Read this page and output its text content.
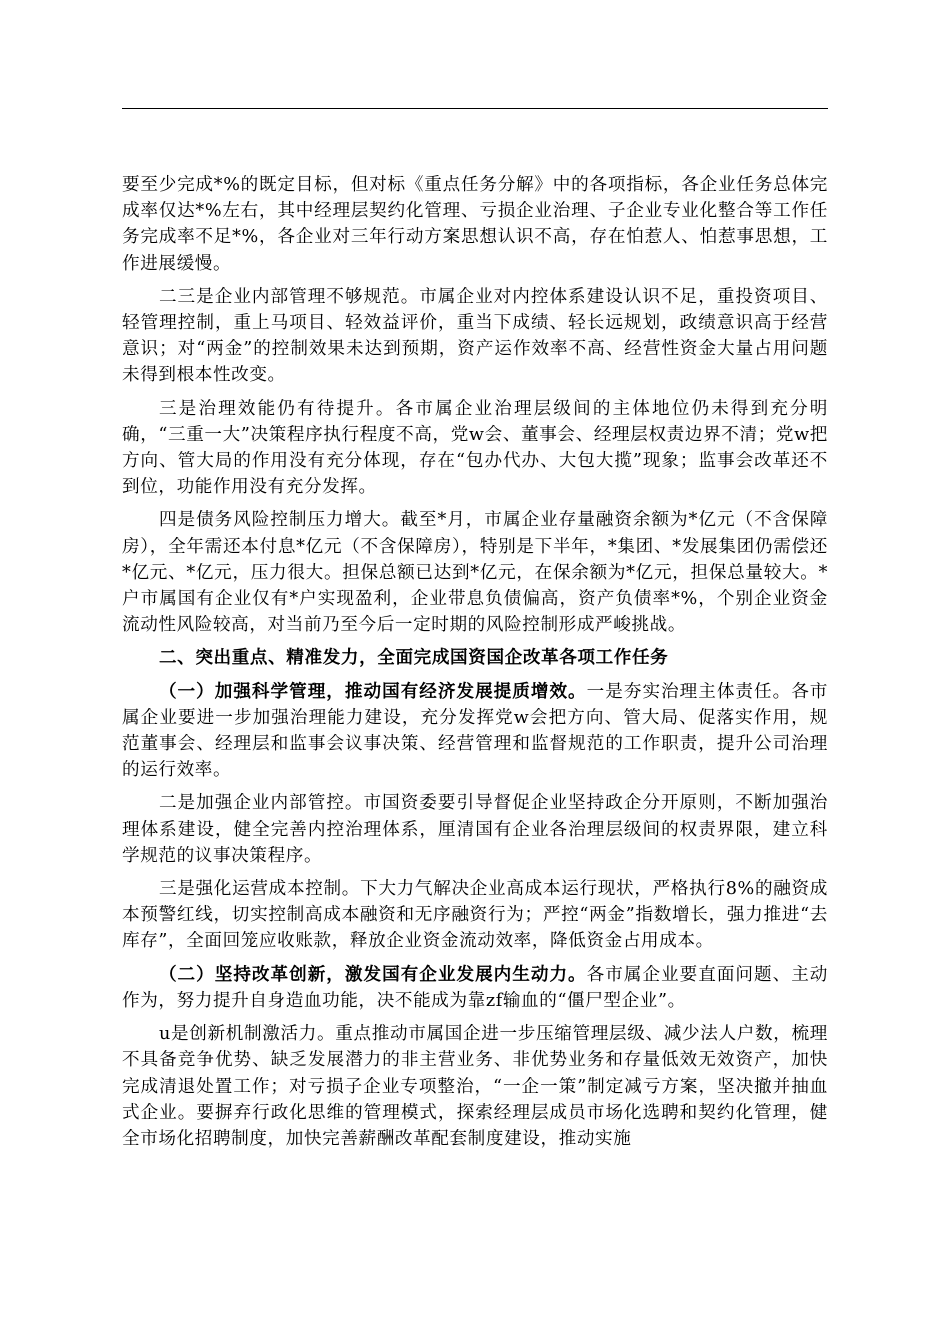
要至少完成*%的既定目标，但对标《重点任务分解》中的各项指标，各企业任务总体完成率仅达*%左右，其中经理层契约化管理、亏损企业治理、子企业专业化整合等工作任务完成率不足*%，各企业对三年行动方案思想认识不高，存在怕惹人、怕惹事思想，工作进展缓慢。

二三是企业内部管理不够规范。市属企业对内控体系建设认识不足，重投资项目、轻管理控制，重上马项目、轻效益评价，重当下成绩、轻长远规划，政绩意识高于经营意识；对“两金”的控制效果未达到预期，资产运作效率不高、经营性资金大量占用问题未得到根本性改变。

三是治理效能仍有待提升。各市属企业治理层级间的主体地位仍未得到充分明确，“三重一大”决策程序执行程度不高，党w会、董事会、经理层权责边界不清；党w把方向、管大局的作用没有充分体现，存在“包办代办、大包大揽”现象；监事会改革还不到位，功能作用没有充分发挥。

四是债务风险控制压力增大。截至*月，市属企业存量融资余额为*亿元（不含保障房），全年需还本付息*亿元（不含保障房），特别是下半年，*集团、*发展集团仍需偿还*亿元、*亿元，压力很大。担保总额已达到*亿元，在保余额为*亿元，担保总量较大。*户市属国有企业仅有*户实现盈利，企业带息负债偏高，资产负债率*%，个别企业资金流动性风险较高，对当前乃至今后一定时期的风险控制形成严峻挑战。

二、突出重点、精准发力，全面完成国资国企改革各项工作任务

（一）加强科学管理，推动国有经济发展提质增效。一是夯实治理主体责任。各市属企业要进一步加强治理能力建设，充分发挥党w会把方向、管大局、促落实作用，规范董事会、经理层和监事会议事决策、经营管理和监督规范的工作职责，提升公司治理的运行效率。

二是加强企业内部管控。市国资委要引导督促企业坚持政企分开原则，不断加强治理体系建设，健全完善内控治理体系，厘清国有企业各治理层级间的权责界限，建立科学规范的议事决策程序。

三是强化运营成本控制。下大力气解决企业高成本运行现状，严格执行8%的融资成本预警红线，切实控制高成本融资和无序融资行为；严控“两金”指数增长，强力推进“去库存”，全面回笼应收账款，释放企业资金流动效率，降低资金占用成本。

（二）坚持改革创新，激发国有企业发展内生动力。各市属企业要直面问题、主动作为，努力提升自身造血功能，决不能成为靠zf输血的“僵尸型企业”。

u是创新机制激活力。重点推动市属国企进一步压缩管理层级、减少法人户数，梳理不具备竞争优势、缺乏发展潜力的非主营业务、非优势业务和存量低效无效资产，加快完成清退处置工作；对亏损子企业专项整治，“一企一策”制定减亏方案，坚决撤并抽血式企业。要摒弃行政化思维的管理模式，探索经理层成员市场化选聘和契约化管理，健全市场化招聘制度，加快完善薪酬改革配套制度建设，推动实施
